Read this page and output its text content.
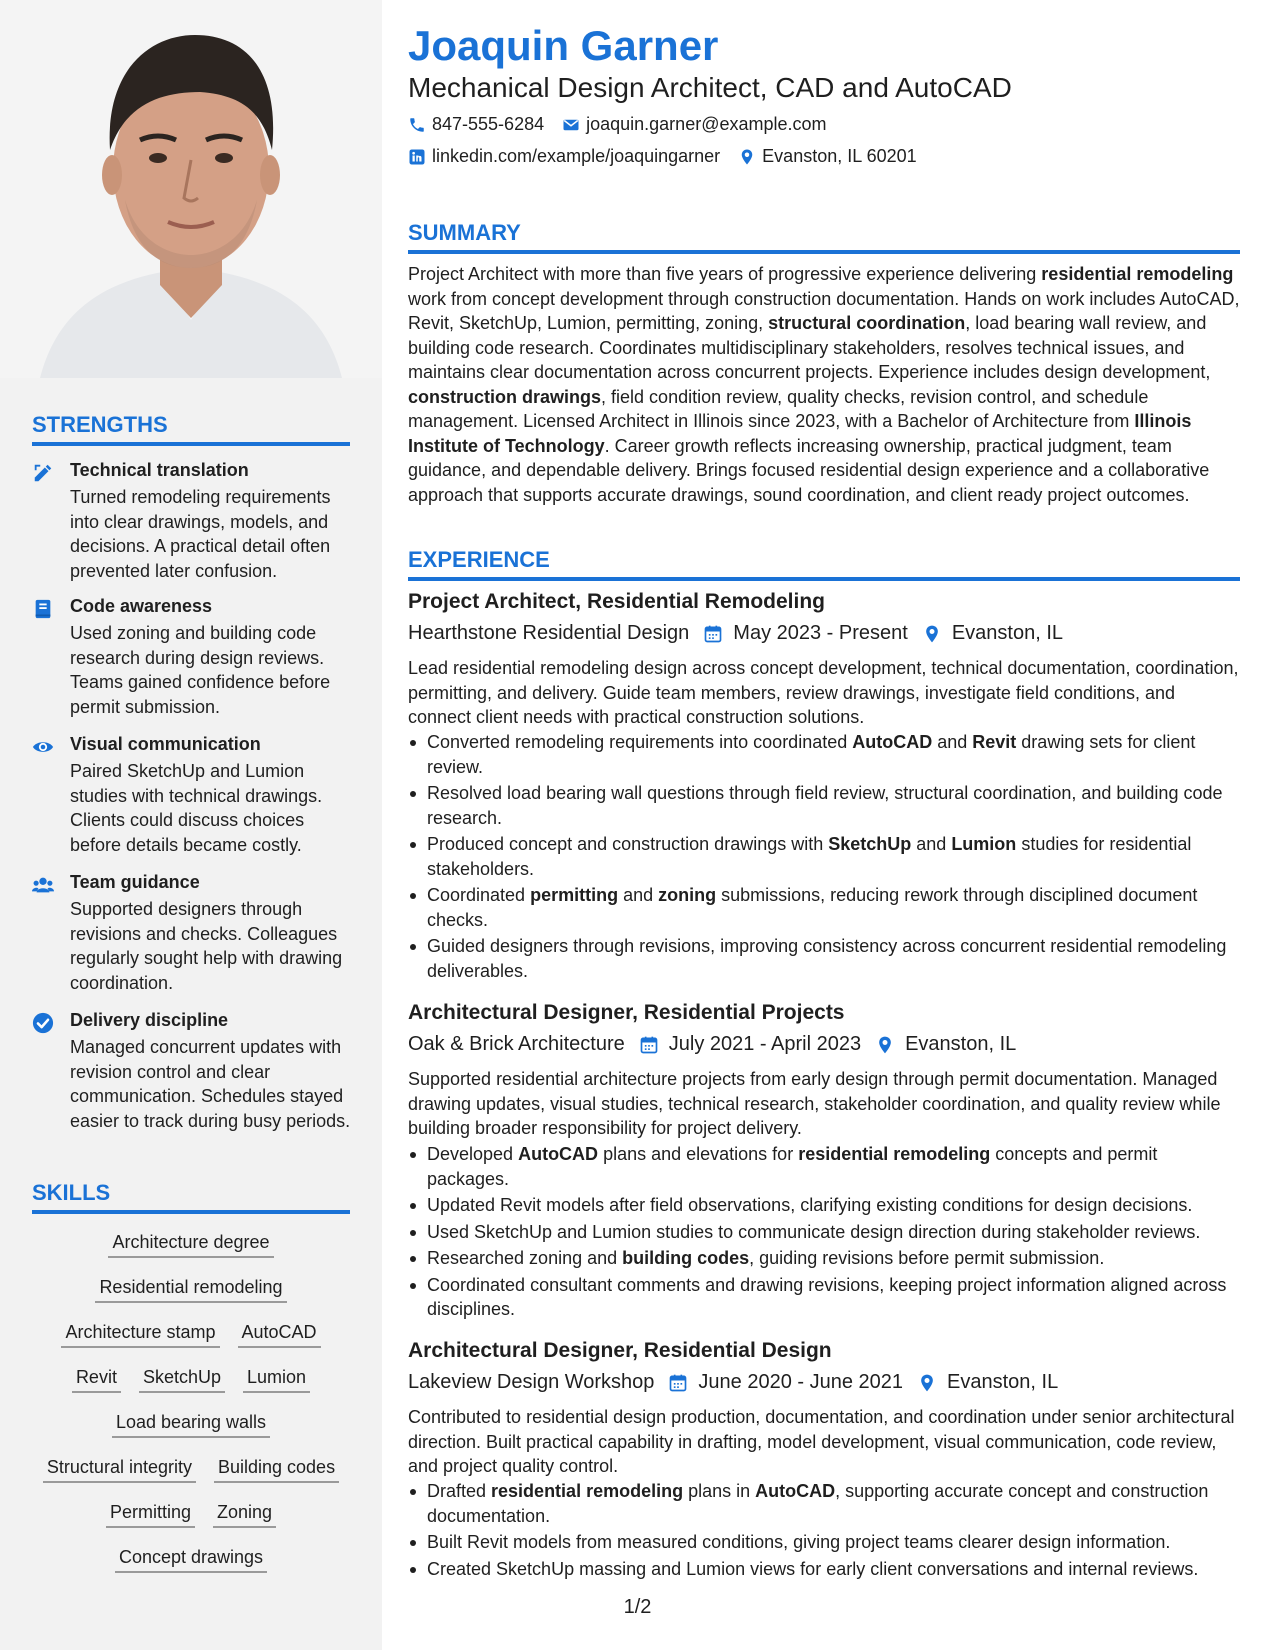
STRENGTHS
Technical translation
Turned remodeling requirements into clear drawings, models, and decisions. A practical detail often prevented later confusion.
Code awareness
Used zoning and building code research during design reviews. Teams gained confidence before permit submission.
Visual communication
Paired SketchUp and Lumion studies with technical drawings. Clients could discuss choices before details became costly.
Team guidance
Supported designers through revisions and checks. Colleagues regularly sought help with drawing coordination.
Delivery discipline
Managed concurrent updates with revision control and clear communication. Schedules stayed easier to track during busy periods.
SKILLS
Architecture degree
Residential remodeling
Architecture stamp AutoCAD
Revit SketchUp Lumion
Load bearing walls
Structural integrity Building codes
Permitting Zoning
Concept drawings
Joaquin Garner
Mechanical Design Architect, CAD and AutoCAD
847-555-6284 joaquin.garner@example.com
linkedin.com/example/joaquingarner Evanston, IL 60201
SUMMARY
Project Architect with more than five years of progressive experience delivering residential remodeling work from concept development through construction documentation. Hands on work includes AutoCAD, Revit, SketchUp, Lumion, permitting, zoning, structural coordination, load bearing wall review, and building code research. Coordinates multidisciplinary stakeholders, resolves technical issues, and maintains clear documentation across concurrent projects. Experience includes design development, construction drawings, field condition review, quality checks, revision control, and schedule management. Licensed Architect in Illinois since 2023, with a Bachelor of Architecture from Illinois Institute of Technology. Career growth reflects increasing ownership, practical judgment, team guidance, and dependable delivery. Brings focused residential design experience and a collaborative approach that supports accurate drawings, sound coordination, and client ready project outcomes.
EXPERIENCE
Project Architect, Residential Remodeling
Hearthstone Residential Design May 2023 - Present Evanston, IL
Lead residential remodeling design across concept development, technical documentation, coordination, permitting, and delivery. Guide team members, review drawings, investigate field conditions, and connect client needs with practical construction solutions.
Converted remodeling requirements into coordinated AutoCAD and Revit drawing sets for client review.
Resolved load bearing wall questions through field review, structural coordination, and building code research.
Produced concept and construction drawings with SketchUp and Lumion studies for residential stakeholders.
Coordinated permitting and zoning submissions, reducing rework through disciplined document checks.
Guided designers through revisions, improving consistency across concurrent residential remodeling deliverables.
Architectural Designer, Residential Projects
Oak & Brick Architecture July 2021 - April 2023 Evanston, IL
Supported residential architecture projects from early design through permit documentation. Managed drawing updates, visual studies, technical research, stakeholder coordination, and quality review while building broader responsibility for project delivery.
Developed AutoCAD plans and elevations for residential remodeling concepts and permit packages.
Updated Revit models after field observations, clarifying existing conditions for design decisions.
Used SketchUp and Lumion studies to communicate design direction during stakeholder reviews.
Researched zoning and building codes, guiding revisions before permit submission.
Coordinated consultant comments and drawing revisions, keeping project information aligned across disciplines.
Architectural Designer, Residential Design
Lakeview Design Workshop June 2020 - June 2021 Evanston, IL
Contributed to residential design production, documentation, and coordination under senior architectural direction. Built practical capability in drafting, model development, visual communication, code review, and project quality control.
Drafted residential remodeling plans in AutoCAD, supporting accurate concept and construction documentation.
Built Revit models from measured conditions, giving project teams clearer design information.
Created SketchUp massing and Lumion views for early client conversations and internal reviews.
1/2
